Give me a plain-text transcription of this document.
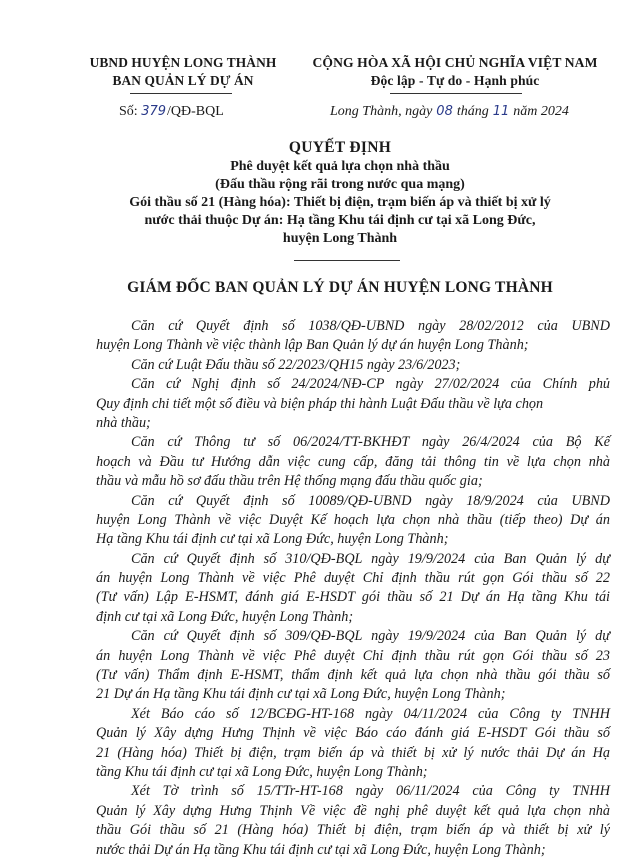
UBND HUYỆN LONG THÀNH
BAN QUẢN LÝ DỰ ÁN
CỘNG HÒA XÃ HỘI CHỦ NGHĨA VIỆT NAM
Độc lập - Tự do - Hạnh phúc
Số: 379/QĐ-BQL	Long Thành, ngày 08 tháng 11 năm 2024
QUYẾT ĐỊNH
Phê duyệt kết quả lựa chọn nhà thầu
(Đấu thầu rộng rãi trong nước qua mạng)
Gói thầu số 21 (Hàng hóa): Thiết bị điện, trạm biến áp và thiết bị xử lý
nước thải thuộc Dự án: Hạ tầng Khu tái định cư tại xã Long Đức,
huyện Long Thành
GIÁM ĐỐC BAN QUẢN LÝ DỰ ÁN HUYỆN LONG THÀNH
Căn cứ Quyết định số 1038/QĐ-UBND ngày 28/02/2012 của UBND
huyện Long Thành về việc thành lập Ban Quản lý dự án huyện Long Thành;
Căn cứ Luật Đấu thầu số 22/2023/QH15 ngày 23/6/2023;
Căn cứ Nghị định số 24/2024/NĐ-CP ngày 27/02/2024 của Chính phủ
Quy định chi tiết một số điều và biện pháp thi hành Luật Đấu thầu về lựa chọn
nhà thầu;
Căn cứ Thông tư số 06/2024/TT-BKHĐT ngày 26/4/2024 của Bộ Kế
hoạch và Đầu tư Hướng dẫn việc cung cấp, đăng tải thông tin về lựa chọn nhà
thầu và mẫu hồ sơ đấu thầu trên Hệ thống mạng đấu thầu quốc gia;
Căn cứ Quyết định số 10089/QĐ-UBND ngày 18/9/2024 của UBND
huyện Long Thành về việc Duyệt Kế hoạch lựa chọn nhà thầu (tiếp theo) Dự án
Hạ tầng Khu tái định cư tại xã Long Đức, huyện Long Thành;
Căn cứ Quyết định số 310/QĐ-BQL ngày 19/9/2024 của Ban Quản lý dự
án huyện Long Thành về việc Phê duyệt Chỉ định thầu rút gọn Gói thầu số 22
(Tư vấn) Lập E-HSMT, đánh giá E-HSDT gói thầu số 21 Dự án Hạ tầng Khu tái
định cư tại xã Long Đức, huyện Long Thành;
Căn cứ Quyết định số 309/QĐ-BQL ngày 19/9/2024 của Ban Quản lý dự
án huyện Long Thành về việc Phê duyệt Chỉ định thầu rút gọn Gói thầu số 23
(Tư vấn) Thẩm định E-HSMT, thẩm định kết quả lựa chọn nhà thầu gói thầu số
21 Dự án Hạ tầng Khu tái định cư tại xã Long Đức, huyện Long Thành;
Xét Báo cáo số 12/BCĐG-HT-168 ngày 04/11/2024 của Công ty TNHH
Quản lý Xây dựng Hưng Thịnh về việc Báo cáo đánh giá E-HSDT Gói thầu số
21 (Hàng hóa) Thiết bị điện, trạm biến áp và thiết bị xử lý nước thải Dự án Hạ
tầng Khu tái định cư tại xã Long Đức, huyện Long Thành;
Xét Tờ trình số 15/TTr-HT-168 ngày 06/11/2024 của Công ty TNHH
Quản lý Xây dựng Hưng Thịnh Về việc đề nghị phê duyệt kết quả lựa chọn nhà
thầu Gói thầu số 21 (Hàng hóa) Thiết bị điện, trạm biến áp và thiết bị xử lý
nước thải Dự án Hạ tầng Khu tái định cư tại xã Long Đức, huyện Long Thành;
